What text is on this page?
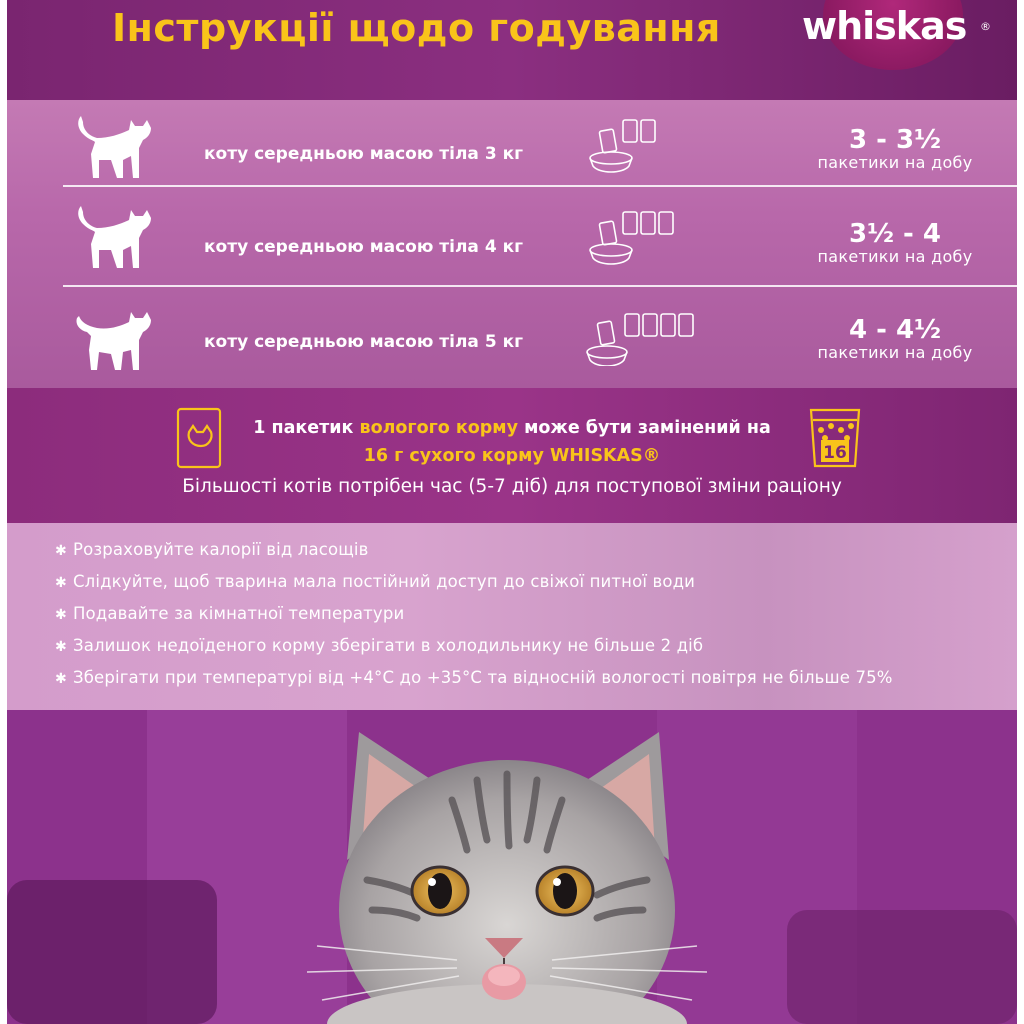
Інструкції щодо годування whiskas ®
коту середньою масою тіла 3 кг	3 - 3½
пакетики на добу
коту середньою масою тіла 4 кг	3½ - 4
пакетики на добу
коту середньою масою тіла 5 кг	4 - 4½
пакетики на добу
1 пакетик вологого корму може бути замінений на
16 г сухого корму WHISKAS®	16
Більшості котів потрібен час (5-7 діб) для поступової зміни раціону
✱ Розраховуйте калорії від ласощів
✱ Слідкуйте, щоб тварина мала постійний доступ до свіжої питної води
✱ Подавайте за кімнатної температури
✱ Залишок недоїденого корму зберігати в холодильнику не більше 2 діб
✱ Зберігати при температурі від +4°C до +35°C та відносній вологості повітря не більше 75%
